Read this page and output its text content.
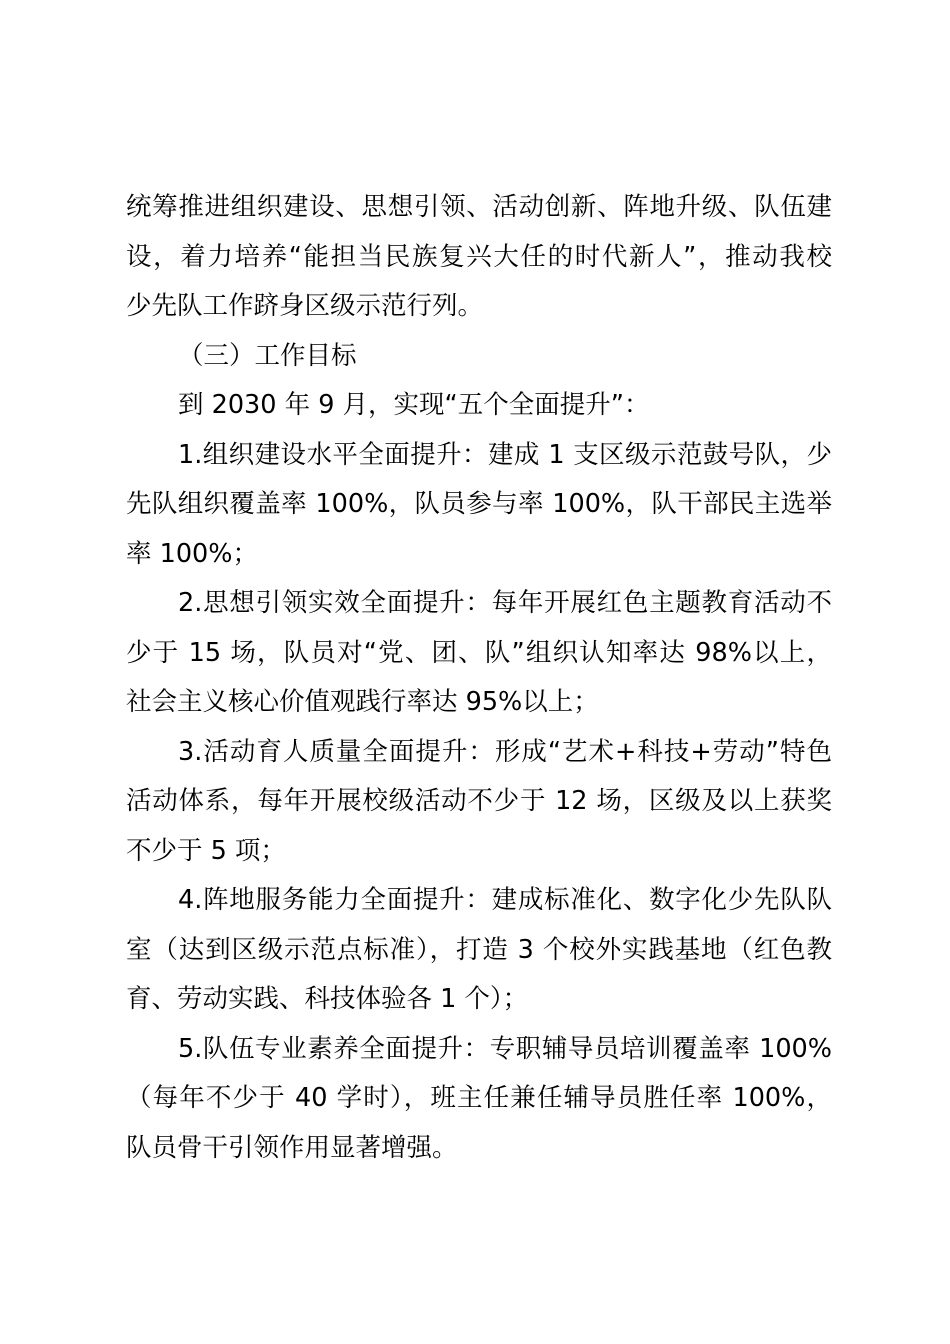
统筹推进组织建设、思想引领、活动创新、阵地升级、队伍建
设，着力培养“能担当民族复兴大任的时代新人”，推动我校
少先队工作跻身区级示范行列。
（三）工作目标
到 2030 年 9 月，实现“五个全面提升”：
1.组织建设水平全面提升：建成 1 支区级示范鼓号队，少
先队组织覆盖率 100%，队员参与率 100%，队干部民主选举
率 100%；
2.思想引领实效全面提升：每年开展红色主题教育活动不
少于 15 场，队员对“党、团、队”组织认知率达 98%以上，
社会主义核心价值观践行率达 95%以上；
3.活动育人质量全面提升：形成“艺术+科技+劳动”特色
活动体系，每年开展校级活动不少于 12 场，区级及以上获奖
不少于 5 项；
4.阵地服务能力全面提升：建成标准化、数字化少先队队
室（达到区级示范点标准），打造 3 个校外实践基地（红色教
育、劳动实践、科技体验各 1 个）；
5.队伍专业素养全面提升：专职辅导员培训覆盖率 100%
（每年不少于 40 学时），班主任兼任辅导员胜任率 100%，
队员骨干引领作用显著增强。
